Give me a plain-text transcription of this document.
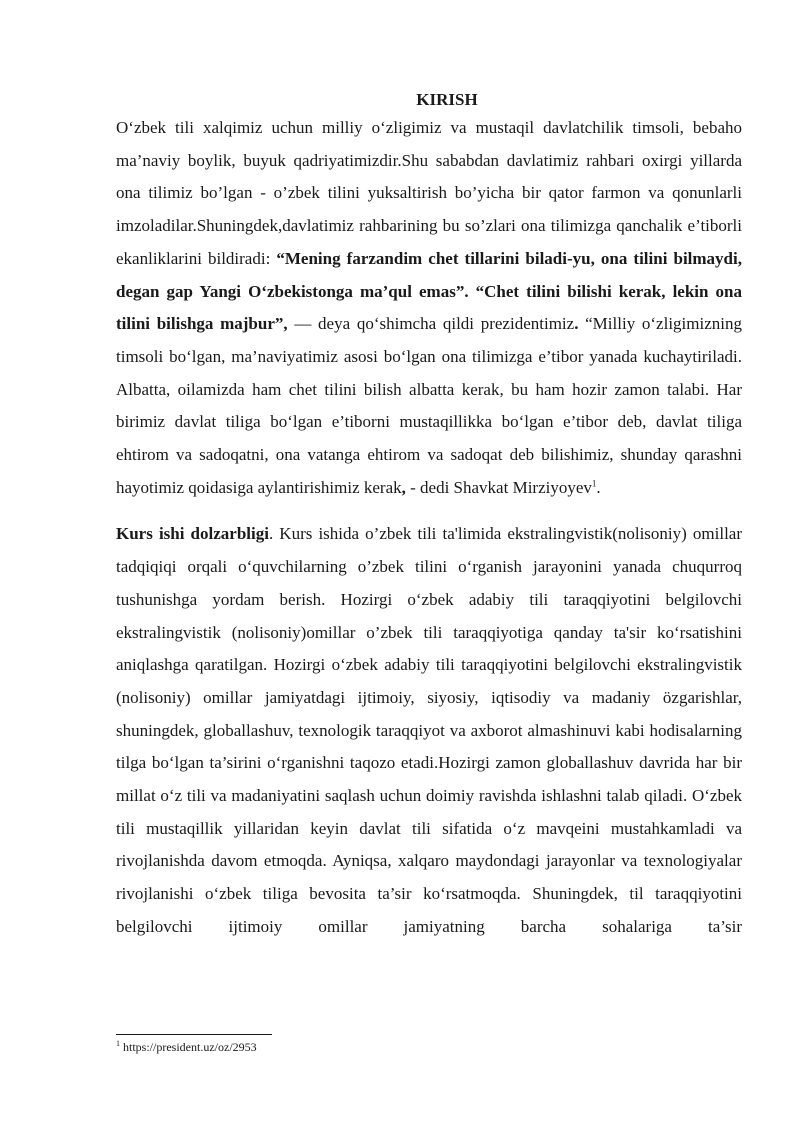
KIRISH

O‘zbek tili xalqimiz uchun milliy o‘zligimiz va mustaqil davlatchilik timsoli, bebaho ma’naviy boylik, buyuk qadriyatimizdir.Shu sababdan davlatimiz rahbari oxirgi yillarda ona tilimiz bo’lgan - o’zbek tilini yuksaltirish bo’yicha bir qator farmon va qonunlarli imzoladilar.Shuningdek,davlatimiz rahbarining bu so’zlari ona tilimizga qanchalik e’tiborli ekanliklarini bildiradi: “Mening farzandim chet tillarini biladi-yu, ona tilini bilmaydi, degan gap Yangi O‘zbekistonga ma’qul emas”. “Chet tilini bilishi kerak, lekin ona tilini bilishga majbur”, — deya qo‘shimcha qildi prezidentimiz. “Milliy o‘zligimizning timsoli bo‘lgan, ma’naviyatimiz asosi bo‘lgan ona tilimizga e’tibor yanada kuchaytiriladi. Albatta, oilamizda ham chet tilini bilish albatta kerak, bu ham hozir zamon talabi. Har birimiz davlat tiliga bo‘lgan e’tiborni mustaqillikka bo‘lgan e’tibor deb, davlat tiliga ehtirom va sadoqatni, ona vatanga ehtirom va sadoqat deb bilishimiz, shunday qarashni hayotimiz qoidasiga aylantirishimiz kerak, - dedi Shavkat Mirziyoyev$^1$.

Kurs ishi dolzarbligi. Kurs ishida o’zbek tili ta'limida ekstralingvistik(nolisoniy) omillar tadqiqiqi orqali o‘quvchilarning o’zbek tilini o‘rganish jarayonini yanada chuqurroq tushunishga yordam berish. Hozirgi o‘zbek adabiy tili taraqqiyotini belgilovchi ekstralingvistik (nolisoniy)omillar o’zbek tili taraqqiyotiga qanday ta'sir ko‘rsatishini aniqlashga qaratilgan. Hozirgi o‘zbek adabiy tili taraqqiyotini belgilovchi ekstralingvistik (nolisoniy) omillar jamiyatdagi ijtimoiy, siyosiy, iqtisodiy va madaniy özgarishlar, shuningdek, globallashuv, texnologik taraqqiyot va axborot almashinuvi kabi hodisalarning tilga bo‘lgan ta’sirini o‘rganishni taqozo etadi.Hozirgi zamon globallashuv davrida har bir millat o‘z tili va madaniyatini saqlash uchun doimiy ravishda ishlashni talab qiladi. O‘zbek tili mustaqillik yillaridan keyin davlat tili sifatida o‘z mavqeini mustahkamladi va rivojlanishda davom etmoqda. Ayniqsa, xalqaro maydondagi jarayonlar va texnologiyalar rivojlanishi o‘zbek tiliga bevosita ta’sir ko‘rsatmoqda. Shuningdek, til taraqqiyotini belgilovchi ijtimoiy omillar jamiyatning barcha sohalariga ta’sir

$^1$ https://president.uz/oz/2953
